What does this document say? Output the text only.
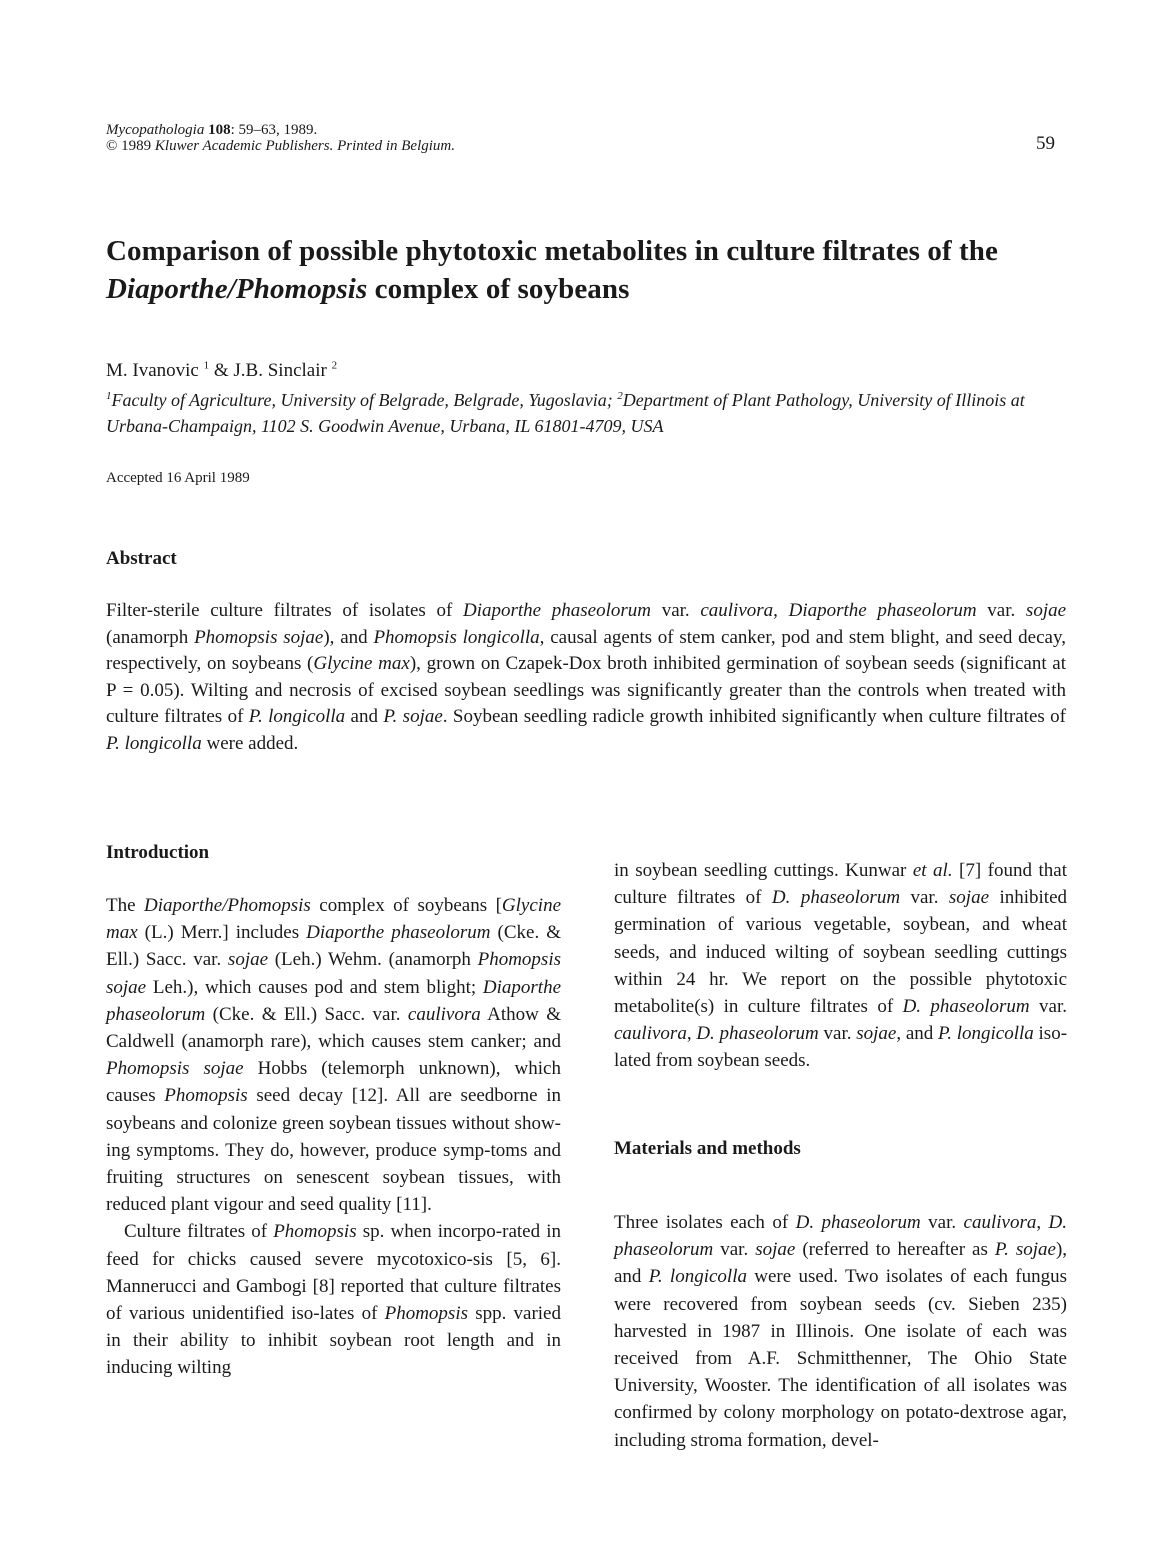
Mycopathologia 108: 59–63, 1989.
© 1989 Kluwer Academic Publishers. Printed in Belgium.	59
Comparison of possible phytotoxic metabolites in culture filtrates of the
Diaporthe/Phomopsis complex of soybeans
M. Ivanovic $^1$ & J.B. Sinclair $^2$
$^1$Faculty of Agriculture, University of Belgrade, Belgrade, Yugoslavia; $^2$Department of Plant Pathology, University of Illinois at Urbana-Champaign, 1102 S. Goodwin Avenue, Urbana, IL 61801-4709, USA
Accepted 16 April 1989
Abstract
Filter-sterile culture filtrates of isolates of Diaporthe phaseolorum var. caulivora, Diaporthe phaseolorum var. sojae (anamorph Phomopsis sojae), and Phomopsis longicolla, causal agents of stem canker, pod and stem blight, and seed decay, respectively, on soybeans (Glycine max), grown on Czapek-Dox broth inhibited germination of soybean seeds (significant at P = 0.05). Wilting and necrosis of excised soybean seedlings was significantly greater than the controls when treated with culture filtrates of P. longicolla and P. sojae. Soybean seedling radicle growth inhibited significantly when culture filtrates of P. longicolla were added.
Introduction

The Diaporthe/Phomopsis complex of soybeans [Glycine max (L.) Merr.] includes Diaporthe phaseolorum (Cke. & Ell.) Sacc. var. sojae (Leh.) Wehm. (anamorph Phomopsis sojae Leh.), which causes pod and stem blight; Diaporthe phaseolorum (Cke. & Ell.) Sacc. var. caulivora Athow & Caldwell (anamorph rare), which causes stem canker; and Phomopsis sojae Hobbs (telemorph unknown), which causes Phomopsis seed decay [12]. All are seedborne in soybeans and colonize green soybean tissues without show-ing symptoms. They do, however, produce symp-toms and fruiting structures on senescent soybean tissues, with reduced plant vigour and seed quality [11].

Culture filtrates of Phomopsis sp. when incorpo-rated in feed for chicks caused severe mycotoxico-sis [5, 6]. Mannerucci and Gambogi [8] reported that culture filtrates of various unidentified iso-lates of Phomopsis spp. varied in their ability to inhibit soybean root length and in inducing wilting

in soybean seedling cuttings. Kunwar et al. [7] found that culture filtrates of D. phaseolorum var. sojae inhibited germination of various vegetable, soybean, and wheat seeds, and induced wilting of soybean seedling cuttings within 24 hr. We report on the possible phytotoxic metabolite(s) in culture filtrates of D. phaseolorum var. caulivora, D. phaseolorum var. sojae, and P. longicolla iso-lated from soybean seeds.

Materials and methods

Three isolates each of D. phaseolorum var. caulivora, D. phaseolorum var. sojae (referred to hereafter as P. sojae), and P. longicolla were used. Two isolates of each fungus were recovered from soybean seeds (cv. Sieben 235) harvested in 1987 in Illinois. One isolate of each was received from A.F. Schmitthenner, The Ohio State University, Wooster. The identification of all isolates was confirmed by colony morphology on potato-dextrose agar, including stroma formation, devel-
